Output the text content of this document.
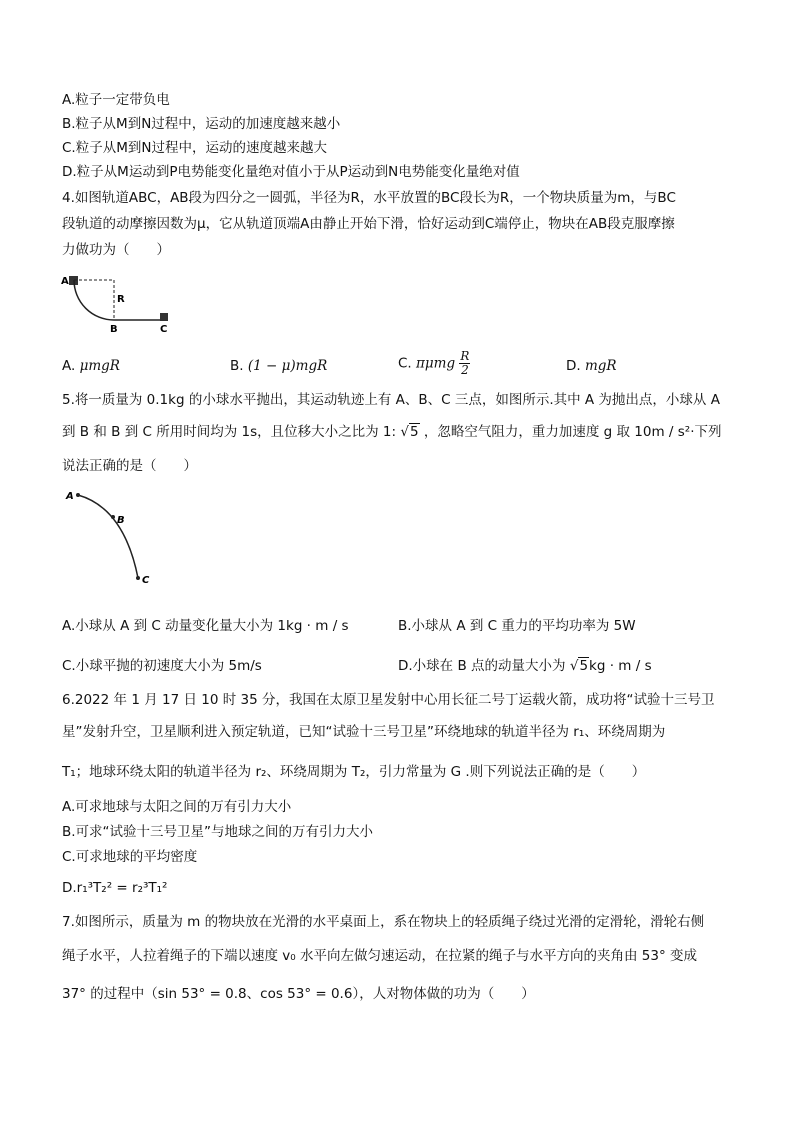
A.粒子一定带负电
B.粒子从M到N过程中，运动的加速度越来越小
C.粒子从M到N过程中，运动的速度越来越大
D.粒子从M运动到P电势能变化量绝对值小于从P运动到N电势能变化量绝对值
4.如图轨道ABC，AB段为四分之一圆弧，半径为R，水平放置的BC段长为R，一个物块质量为m，与BC
段轨道的动摩擦因数为μ，它从轨道顶端A由静止开始下滑，恰好运动到C端停止，物块在AB段克服摩擦
力做功为（　　）
A
R
B	C
A. μmgR	B. (1 − μ)mgR	C. πμmg $\frac{R}{2}$	D. mgR
5.将一质量为 0.1kg 的小球水平抛出，其运动轨迹上有 A、B、C 三点，如图所示.其中 A 为抛出点，小球从 A
到 B 和 B 到 C 所用时间均为 1s，且位移大小之比为 1: √5 ，忽略空气阻力，重力加速度 g 取 10m / s²·下列
说法正确的是（　　）
A
B
C
A.小球从 A 到 C 动量变化量大小为 1kg · m / s	B.小球从 A 到 C 重力的平均功率为 5W
C.小球平抛的初速度大小为 5m/s	D.小球在 B 点的动量大小为 √5kg · m / s
6.2022 年 1 月 17 日 10 时 35 分，我国在太原卫星发射中心用长征二号丁运载火箭，成功将“试验十三号卫
星”发射升空，卫星顺利进入预定轨道，已知“试验十三号卫星”环绕地球的轨道半径为 r₁、环绕周期为
T₁；地球环绕太阳的轨道半径为 r₂、环绕周期为 T₂，引力常量为 G .则下列说法正确的是（　　）
A.可求地球与太阳之间的万有引力大小
B.可求“试验十三号卫星”与地球之间的万有引力大小
C.可求地球的平均密度
D.r₁³T₂² = r₂³T₁²
7.如图所示，质量为 m 的物块放在光滑的水平桌面上，系在物块上的轻质绳子绕过光滑的定滑轮，滑轮右侧
绳子水平，人拉着绳子的下端以速度 v₀ 水平向左做匀速运动，在拉紧的绳子与水平方向的夹角由 53° 变成
37° 的过程中（sin 53° = 0.8、cos 53° = 0.6），人对物体做的功为（　　）
